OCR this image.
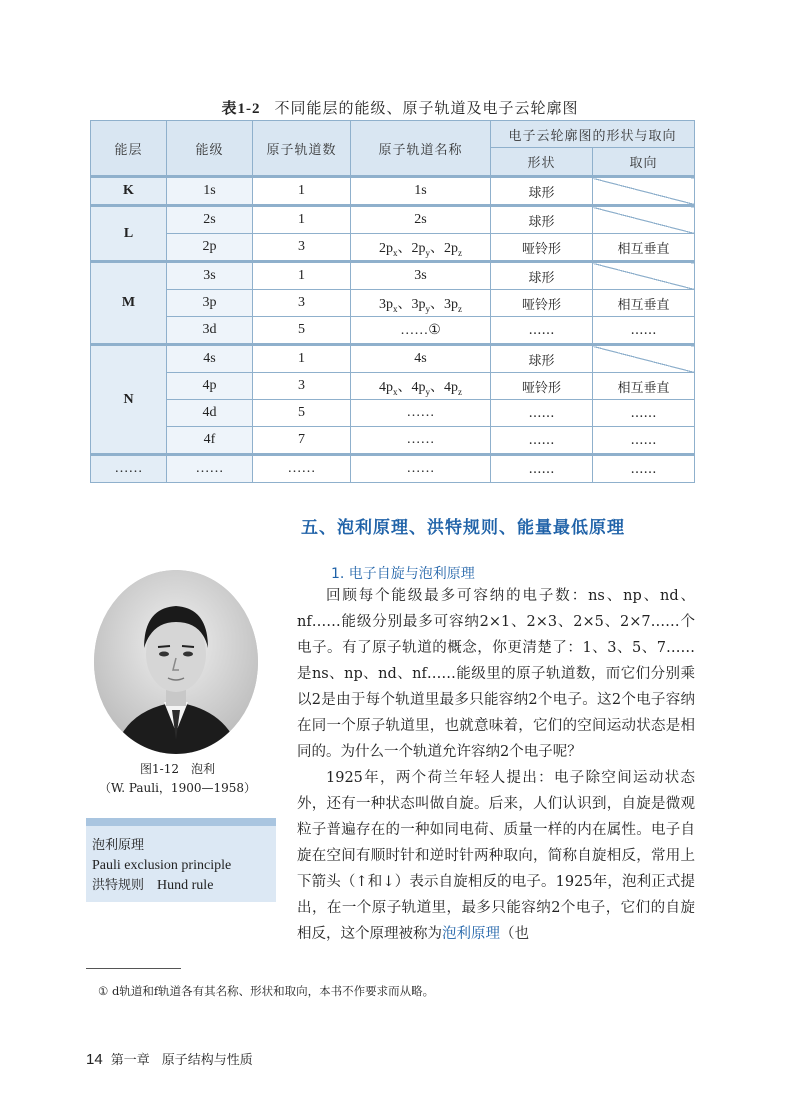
表1-2 不同能层的能级、原子轨道及电子云轮廓图
能层	能级	原子轨道数	原子轨道名称	电子云轮廓图的形状与取向	
				形状	取向
K	1s	1	1s	球形	
L	2s	1	2s	球形	
	2p	3	$2p_x$、$2p_y$、$2p_z$	哑铃形	相互垂直
M	3s	1	3s	球形	
	3p	3	$3p_x$、$3p_y$、$3p_z$	哑铃形	相互垂直
	3d	5	……①	……	……
N	4s	1	4s	球形	
	4p	3	$4p_x$、$4p_y$、$4p_z$	哑铃形	相互垂直
	4d	5	……	……	……
	4f	7	……	……	……
……	……	……	……	……	……
五、泡利原理、洪特规则、能量最低原理
1. 电子自旋与泡利原理

回顾每个能级最多可容纳的电子数：ns、np、nd、nf……能级分别最多可容纳2×1、2×3、2×5、2×7……个电子。有了原子轨道的概念，你更清楚了：1、3、5、7……是ns、np、nd、nf……能级里的原子轨道数，而它们分别乘以2是由于每个轨道里最多只能容纳2个电子。这2个电子容纳在同一个原子轨道里，也就意味着，它们的空间运动状态是相同的。为什么一个轨道允许容纳2个电子呢？

1925年，两个荷兰年轻人提出：电子除空间运动状态外，还有一种状态叫做自旋。后来，人们认识到，自旋是微观粒子普遍存在的一种如同电荷、质量一样的内在属性。电子自旋在空间有顺时针和逆时针两种取向，简称自旋相反，常用上下箭头（↑和↓）表示自旋相反的电子。1925年，泡利正式提出，在一个原子轨道里，最多只能容纳2个电子，它们的自旋相反，这个原理被称为泡利原理（也

图1-12　泡利
（W. Pauli，1900—1958）
泡利原理
Pauli exclusion principle
洪特规则　 Hund rule
① d轨道和f轨道各有其名称、形状和取向，本书不作要求而从略。
14 第一章 原子结构与性质
